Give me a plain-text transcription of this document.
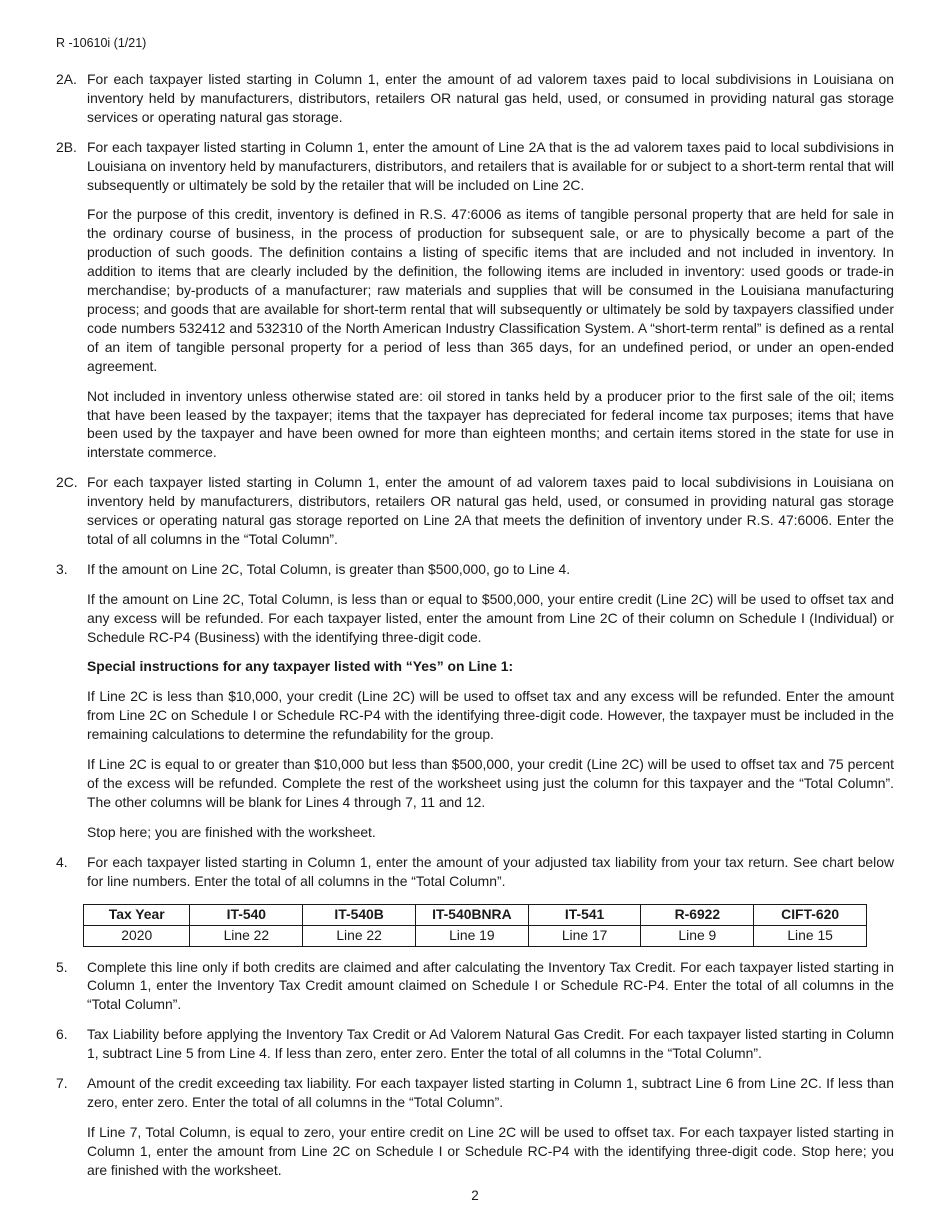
R -10610i (1/21)
2A. For each taxpayer listed starting in Column 1, enter the amount of ad valorem taxes paid to local subdivisions in Louisiana on inventory held by manufacturers, distributors, retailers OR natural gas held, used, or consumed in providing natural gas storage services or operating natural gas storage.

2B. For each taxpayer listed starting in Column 1, enter the amount of Line 2A that is the ad valorem taxes paid to local subdivisions in Louisiana on inventory held by manufacturers, distributors, and retailers that is available for or subject to a short-term rental that will subsequently or ultimately be sold by the retailer that will be included on Line 2C.

For the purpose of this credit, inventory is defined in R.S. 47:6006 as items of tangible personal property that are held for sale in the ordinary course of business, in the process of production for subsequent sale, or are to physically become a part of the production of such goods. The definition contains a listing of specific items that are included and not included in inventory. In addition to items that are clearly included by the definition, the following items are included in inventory: used goods or trade-in merchandise; by-products of a manufacturer; raw materials and supplies that will be consumed in the Louisiana manufacturing process; and goods that are available for short-term rental that will subsequently or ultimately be sold by taxpayers classified under code numbers 532412 and 532310 of the North American Industry Classification System. A “short-term rental” is defined as a rental of an item of tangible personal property for a period of less than 365 days, for an undefined period, or under an open-ended agreement.

Not included in inventory unless otherwise stated are: oil stored in tanks held by a producer prior to the first sale of the oil; items that have been leased by the taxpayer; items that the taxpayer has depreciated for federal income tax purposes; items that have been used by the taxpayer and have been owned for more than eighteen months; and certain items stored in the state for use in interstate commerce.

2C. For each taxpayer listed starting in Column 1, enter the amount of ad valorem taxes paid to local subdivisions in Louisiana on inventory held by manufacturers, distributors, retailers OR natural gas held, used, or consumed in providing natural gas storage services or operating natural gas storage reported on Line 2A that meets the definition of inventory under R.S. 47:6006. Enter the total of all columns in the “Total Column”.

3.	If the amount on Line 2C, Total Column, is greater than $500,000, go to Line 4.

If the amount on Line 2C, Total Column, is less than or equal to $500,000, your entire credit (Line 2C) will be used to offset tax and any excess will be refunded. For each taxpayer listed, enter the amount from Line 2C of their column on Schedule I (Individual) or Schedule RC-P4 (Business) with the identifying three-digit code.

Special instructions for any taxpayer listed with “Yes” on Line 1:

If Line 2C is less than $10,000, your credit (Line 2C) will be used to offset tax and any excess will be refunded. Enter the amount from Line 2C on Schedule I or Schedule RC-P4 with the identifying three-digit code. However, the taxpayer must be included in the remaining calculations to determine the refundability for the group.

If Line 2C is equal to or greater than $10,000 but less than $500,000, your credit (Line 2C) will be used to offset tax and 75 percent of the excess will be refunded. Complete the rest of the worksheet using just the column for this taxpayer and the “Total Column”. The other columns will be blank for Lines 4 through 7, 11 and 12.

Stop here; you are finished with the worksheet.

4.	For each taxpayer listed starting in Column 1, enter the amount of your adjusted tax liability from your tax return. See chart below for line numbers. Enter the total of all columns in the “Total Column”.

Tax Year	IT-540	IT-540B	IT-540BNRA	IT-541	R-6922	CIFT-620
2020	Line 22	Line 22	Line 19	Line 17	Line 9	Line 15
5.	Complete this line only if both credits are claimed and after calculating the Inventory Tax Credit. For each taxpayer listed starting in Column 1, enter the Inventory Tax Credit amount claimed on Schedule I or Schedule RC-P4. Enter the total of all columns in the “Total Column”.

6.	Tax Liability before applying the Inventory Tax Credit or Ad Valorem Natural Gas Credit. For each taxpayer listed starting in Column 1, subtract Line 5 from Line 4. If less than zero, enter zero. Enter the total of all columns in the “Total Column”.

7.	Amount of the credit exceeding tax liability. For each taxpayer listed starting in Column 1, subtract Line 6 from Line 2C. If less than zero, enter zero. Enter the total of all columns in the “Total Column”.

If Line 7, Total Column, is equal to zero, your entire credit on Line 2C will be used to offset tax. For each taxpayer listed starting in Column 1, enter the amount from Line 2C on Schedule I or Schedule RC-P4 with the identifying three-digit code. Stop here; you are finished with the worksheet.

2
